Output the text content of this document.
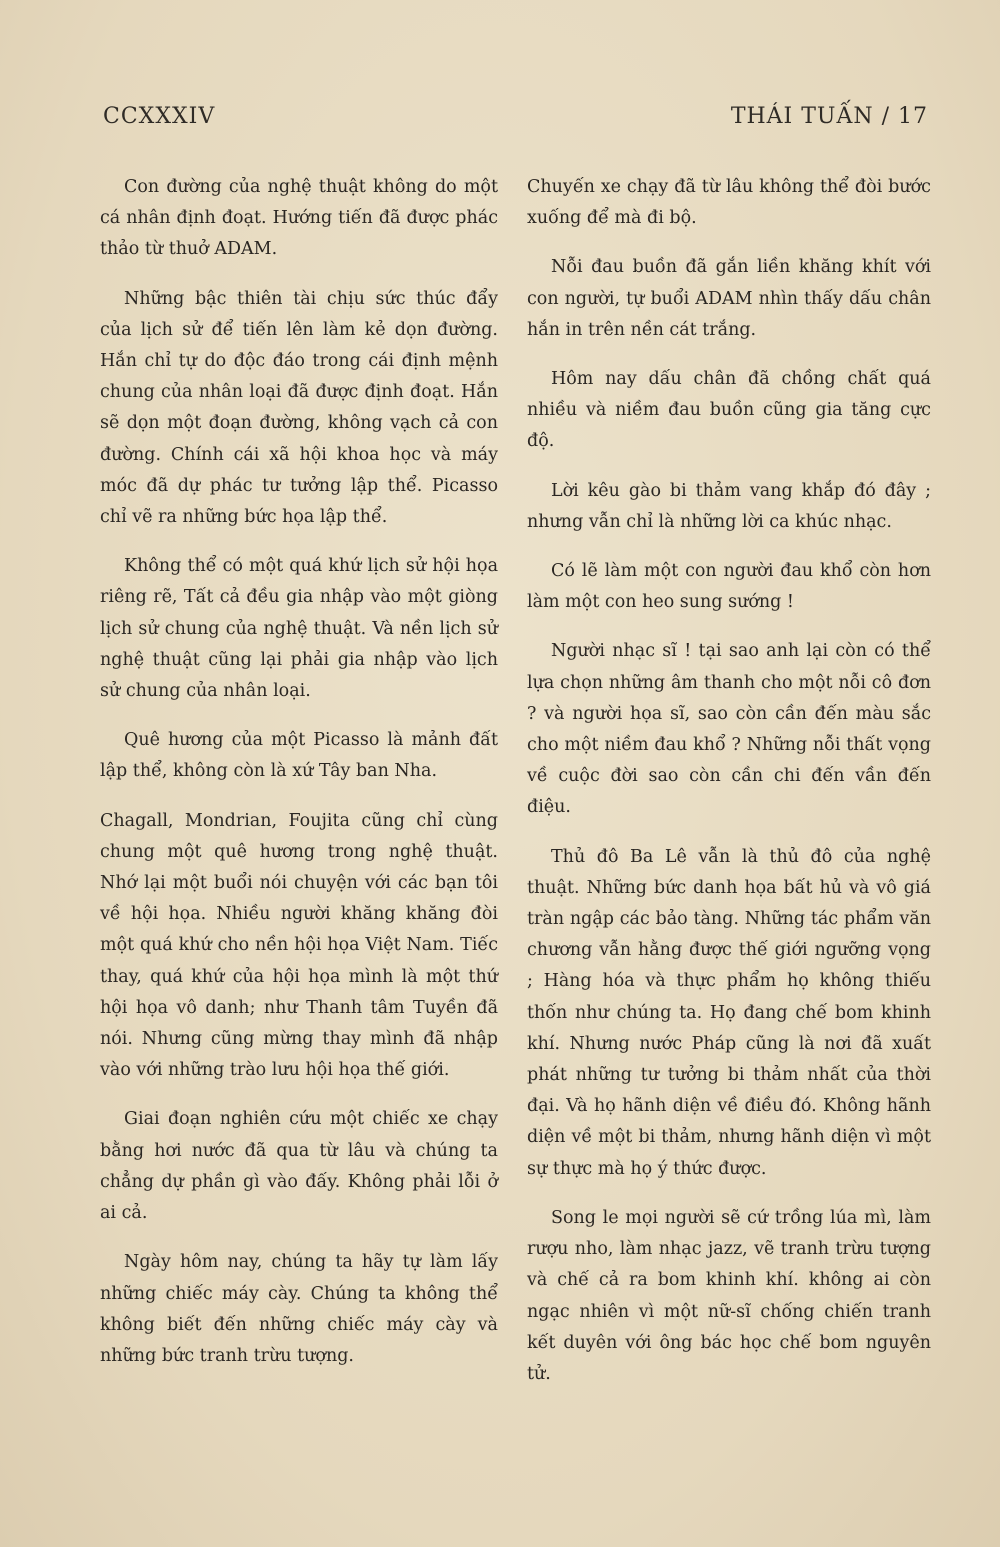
CCXXXIV	THÁI TUẤN / 17

Con đường của nghệ thuật không do một cá nhân định đoạt. Hướng tiến đã được phác thảo từ thuở ADAM.

Những bậc thiên tài chịu sức thúc đẩy của lịch sử để tiến lên làm kẻ dọn đường. Hắn chỉ tự do độc đáo trong cái định mệnh chung của nhân loại đã được định đoạt. Hắn sẽ dọn một đoạn đường, không vạch cả con đường. Chính cái xã hội khoa học và máy móc đã dự phác tư tưởng lập thể. Picasso chỉ vẽ ra những bức họa lập thể.

Không thể có một quá khứ lịch sử hội họa riêng rẽ, Tất cả đều gia nhập vào một giòng lịch sử chung của nghệ thuật. Và nền lịch sử nghệ thuật cũng lại phải gia nhập vào lịch sử chung của nhân loại.

Quê hương của một Picasso là mảnh đất lập thể, không còn là xứ Tây ban Nha.

Chagall, Mondrian, Foujita cũng chỉ cùng chung một quê hương trong nghệ thuật. Nhớ lại một buổi nói chuyện với các bạn tôi về hội họa. Nhiều người khăng khăng đòi một quá khứ cho nền hội họa Việt Nam. Tiếc thay, quá khứ của hội họa mình là một thứ hội họa vô danh; như Thanh tâm Tuyền đã nói. Nhưng cũng mừng thay mình đã nhập vào với những trào lưu hội họa thế giới.

Giai đoạn nghiên cứu một chiếc xe chạy bằng hơi nước đã qua từ lâu và chúng ta chẳng dự phần gì vào đấy. Không phải lỗi ở ai cả.

Ngày hôm nay, chúng ta hãy tự làm lấy những chiếc máy cày. Chúng ta không thể không biết đến những chiếc máy cày và những bức tranh trừu tượng.

Chuyến xe chạy đã từ lâu không thể đòi bước xuống để mà đi bộ.

Nỗi đau buồn đã gắn liền khăng khít với con người, tự buổi ADAM nhìn thấy dấu chân hắn in trên nền cát trắng.

Hôm nay dấu chân đã chồng chất quá nhiều và niềm đau buồn cũng gia tăng cực độ.

Lời kêu gào bi thảm vang khắp đó đây ; nhưng vẫn chỉ là những lời ca khúc nhạc.

Có lẽ làm một con người đau khổ còn hơn làm một con heo sung sướng !

Người nhạc sĩ ! tại sao anh lại còn có thể lựa chọn những âm thanh cho một nỗi cô đơn ? và người họa sĩ, sao còn cần đến màu sắc cho một niềm đau khổ ? Những nỗi thất vọng về cuộc đời sao còn cần chi đến vần đến điệu.

Thủ đô Ba Lê vẫn là thủ đô của nghệ thuật. Những bức danh họa bất hủ và vô giá tràn ngập các bảo tàng. Những tác phẩm văn chương vẫn hằng được thế giới ngưỡng vọng ; Hàng hóa và thực phẩm họ không thiếu thốn như chúng ta. Họ đang chế bom khinh khí. Nhưng nước Pháp cũng là nơi đã xuất phát những tư tưởng bi thảm nhất của thời đại. Và họ hãnh diện về điều đó. Không hãnh diện về một bi thảm, nhưng hãnh diện vì một sự thực mà họ ý thức được.

Song le mọi người sẽ cứ trồng lúa mì, làm rượu nho, làm nhạc jazz, vẽ tranh trừu tượng và chế cả ra bom khinh khí. không ai còn ngạc nhiên vì một nữ-sĩ chống chiến tranh kết duyên với ông bác học chế bom nguyên tử.
